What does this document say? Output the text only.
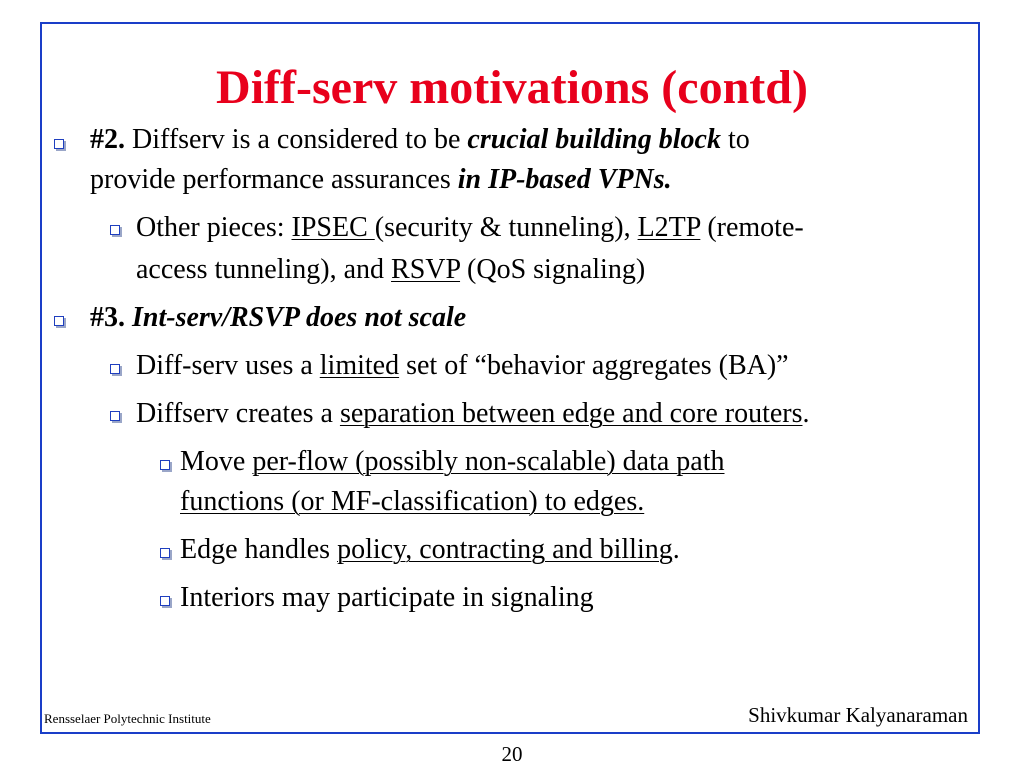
Diff-serv motivations (contd)
#2. Diffserv is a considered to be crucial building block to
provide performance assurances in IP-based VPNs.
Other pieces: IPSEC (security & tunneling), L2TP (remote-
access tunneling), and RSVP (QoS signaling)
#3. Int-serv/RSVP does not scale
Diff-serv uses a limited set of “behavior aggregates (BA)”
Diffserv creates a separation between edge and core routers.
Move per-flow (possibly non-scalable) data path
functions (or MF-classification) to edges.
Edge handles policy, contracting and billing.
Interiors may participate in signaling
Rensselaer Polytechnic Institute	Shivkumar Kalyanaraman
20
